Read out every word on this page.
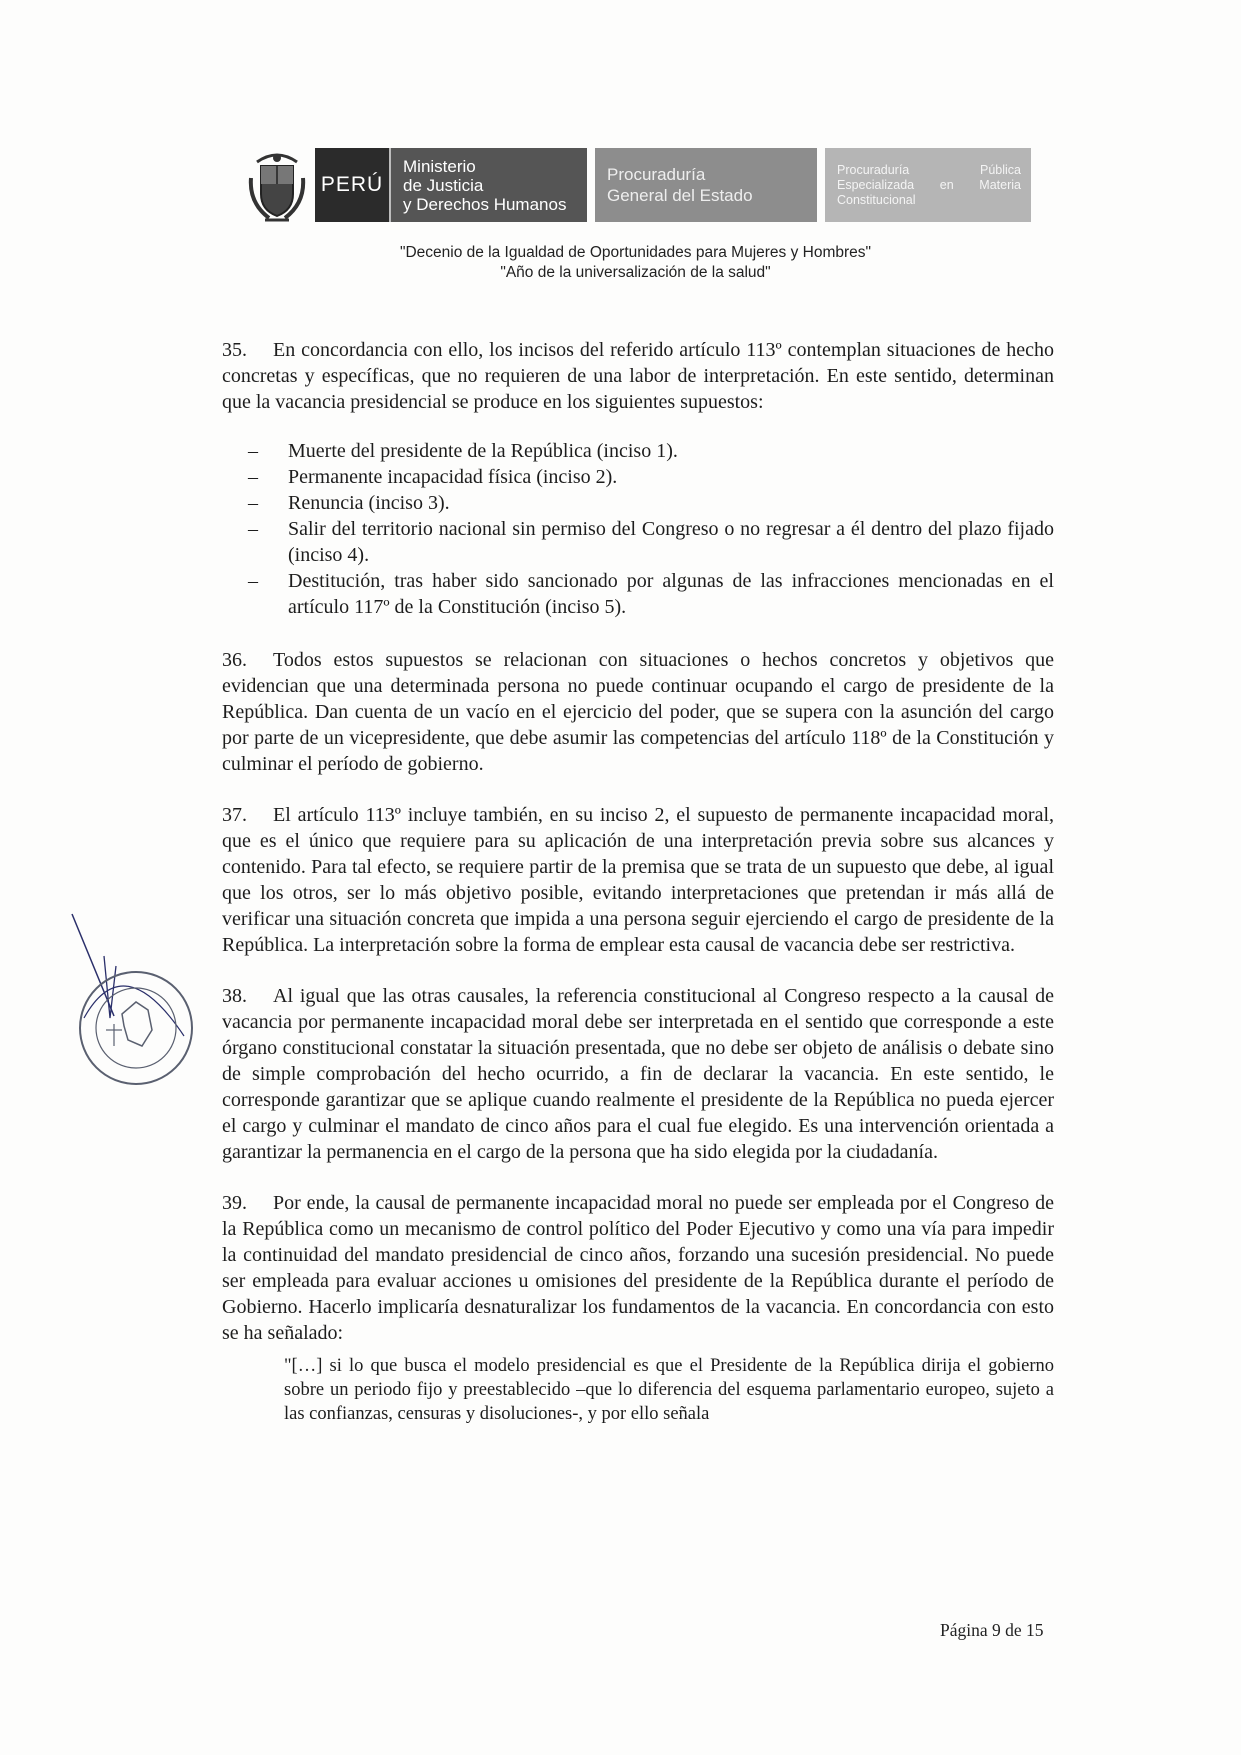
PERÚ
Ministerio
de Justicia
y Derechos Humanos
Procuraduría
General del Estado
Procuraduría	Pública
Especializada en Materia
Constitucional
"Decenio de la Igualdad de Oportunidades para Mujeres y Hombres"
"Año de la universalización de la salud"

35. En concordancia con ello, los incisos del referido artículo 113º contemplan situaciones de hecho concretas y específicas, que no requieren de una labor de interpretación. En este sentido, determinan que la vacancia presidencial se produce en los siguientes supuestos:

– Muerte del presidente de la República (inciso 1).
– Permanente incapacidad física (inciso 2).
– Renuncia (inciso 3).
– Salir del territorio nacional sin permiso del Congreso o no regresar a él dentro del plazo fijado (inciso 4).
– Destitución, tras haber sido sancionado por algunas de las infracciones mencionadas en el artículo 117º de la Constitución (inciso 5).

36. Todos estos supuestos se relacionan con situaciones o hechos concretos y objetivos que evidencian que una determinada persona no puede continuar ocupando el cargo de presidente de la República. Dan cuenta de un vacío en el ejercicio del poder, que se supera con la asunción del cargo por parte de un vicepresidente, que debe asumir las competencias del artículo 118º de la Constitución y culminar el período de gobierno.

37. El artículo 113º incluye también, en su inciso 2, el supuesto de permanente incapacidad moral, que es el único que requiere para su aplicación de una interpretación previa sobre sus alcances y contenido. Para tal efecto, se requiere partir de la premisa que se trata de un supuesto que debe, al igual que los otros, ser lo más objetivo posible, evitando interpretaciones que pretendan ir más allá de verificar una situación concreta que impida a una persona seguir ejerciendo el cargo de presidente de la República. La interpretación sobre la forma de emplear esta causal de vacancia debe ser restrictiva.

38. Al igual que las otras causales, la referencia constitucional al Congreso respecto a la causal de vacancia por permanente incapacidad moral debe ser interpretada en el sentido que corresponde a este órgano constitucional constatar la situación presentada, que no debe ser objeto de análisis o debate sino de simple comprobación del hecho ocurrido, a fin de declarar la vacancia. En este sentido, le corresponde garantizar que se aplique cuando realmente el presidente de la República no pueda ejercer el cargo y culminar el mandato de cinco años para el cual fue elegido. Es una intervención orientada a garantizar la permanencia en el cargo de la persona que ha sido elegida por la ciudadanía.

39. Por ende, la causal de permanente incapacidad moral no puede ser empleada por el Congreso de la República como un mecanismo de control político del Poder Ejecutivo y como una vía para impedir la continuidad del mandato presidencial de cinco años, forzando una sucesión presidencial. No puede ser empleada para evaluar acciones u omisiones del presidente de la República durante el período de Gobierno. Hacerlo implicaría desnaturalizar los fundamentos de la vacancia. En concordancia con esto se ha señalado:

"[…] si lo que busca el modelo presidencial es que el Presidente de la República dirija el gobierno sobre un periodo fijo y preestablecido –que lo diferencia del esquema parlamentario europeo, sujeto a las confianzas, censuras y disoluciones-, y por ello señala

Página 9 de 15
